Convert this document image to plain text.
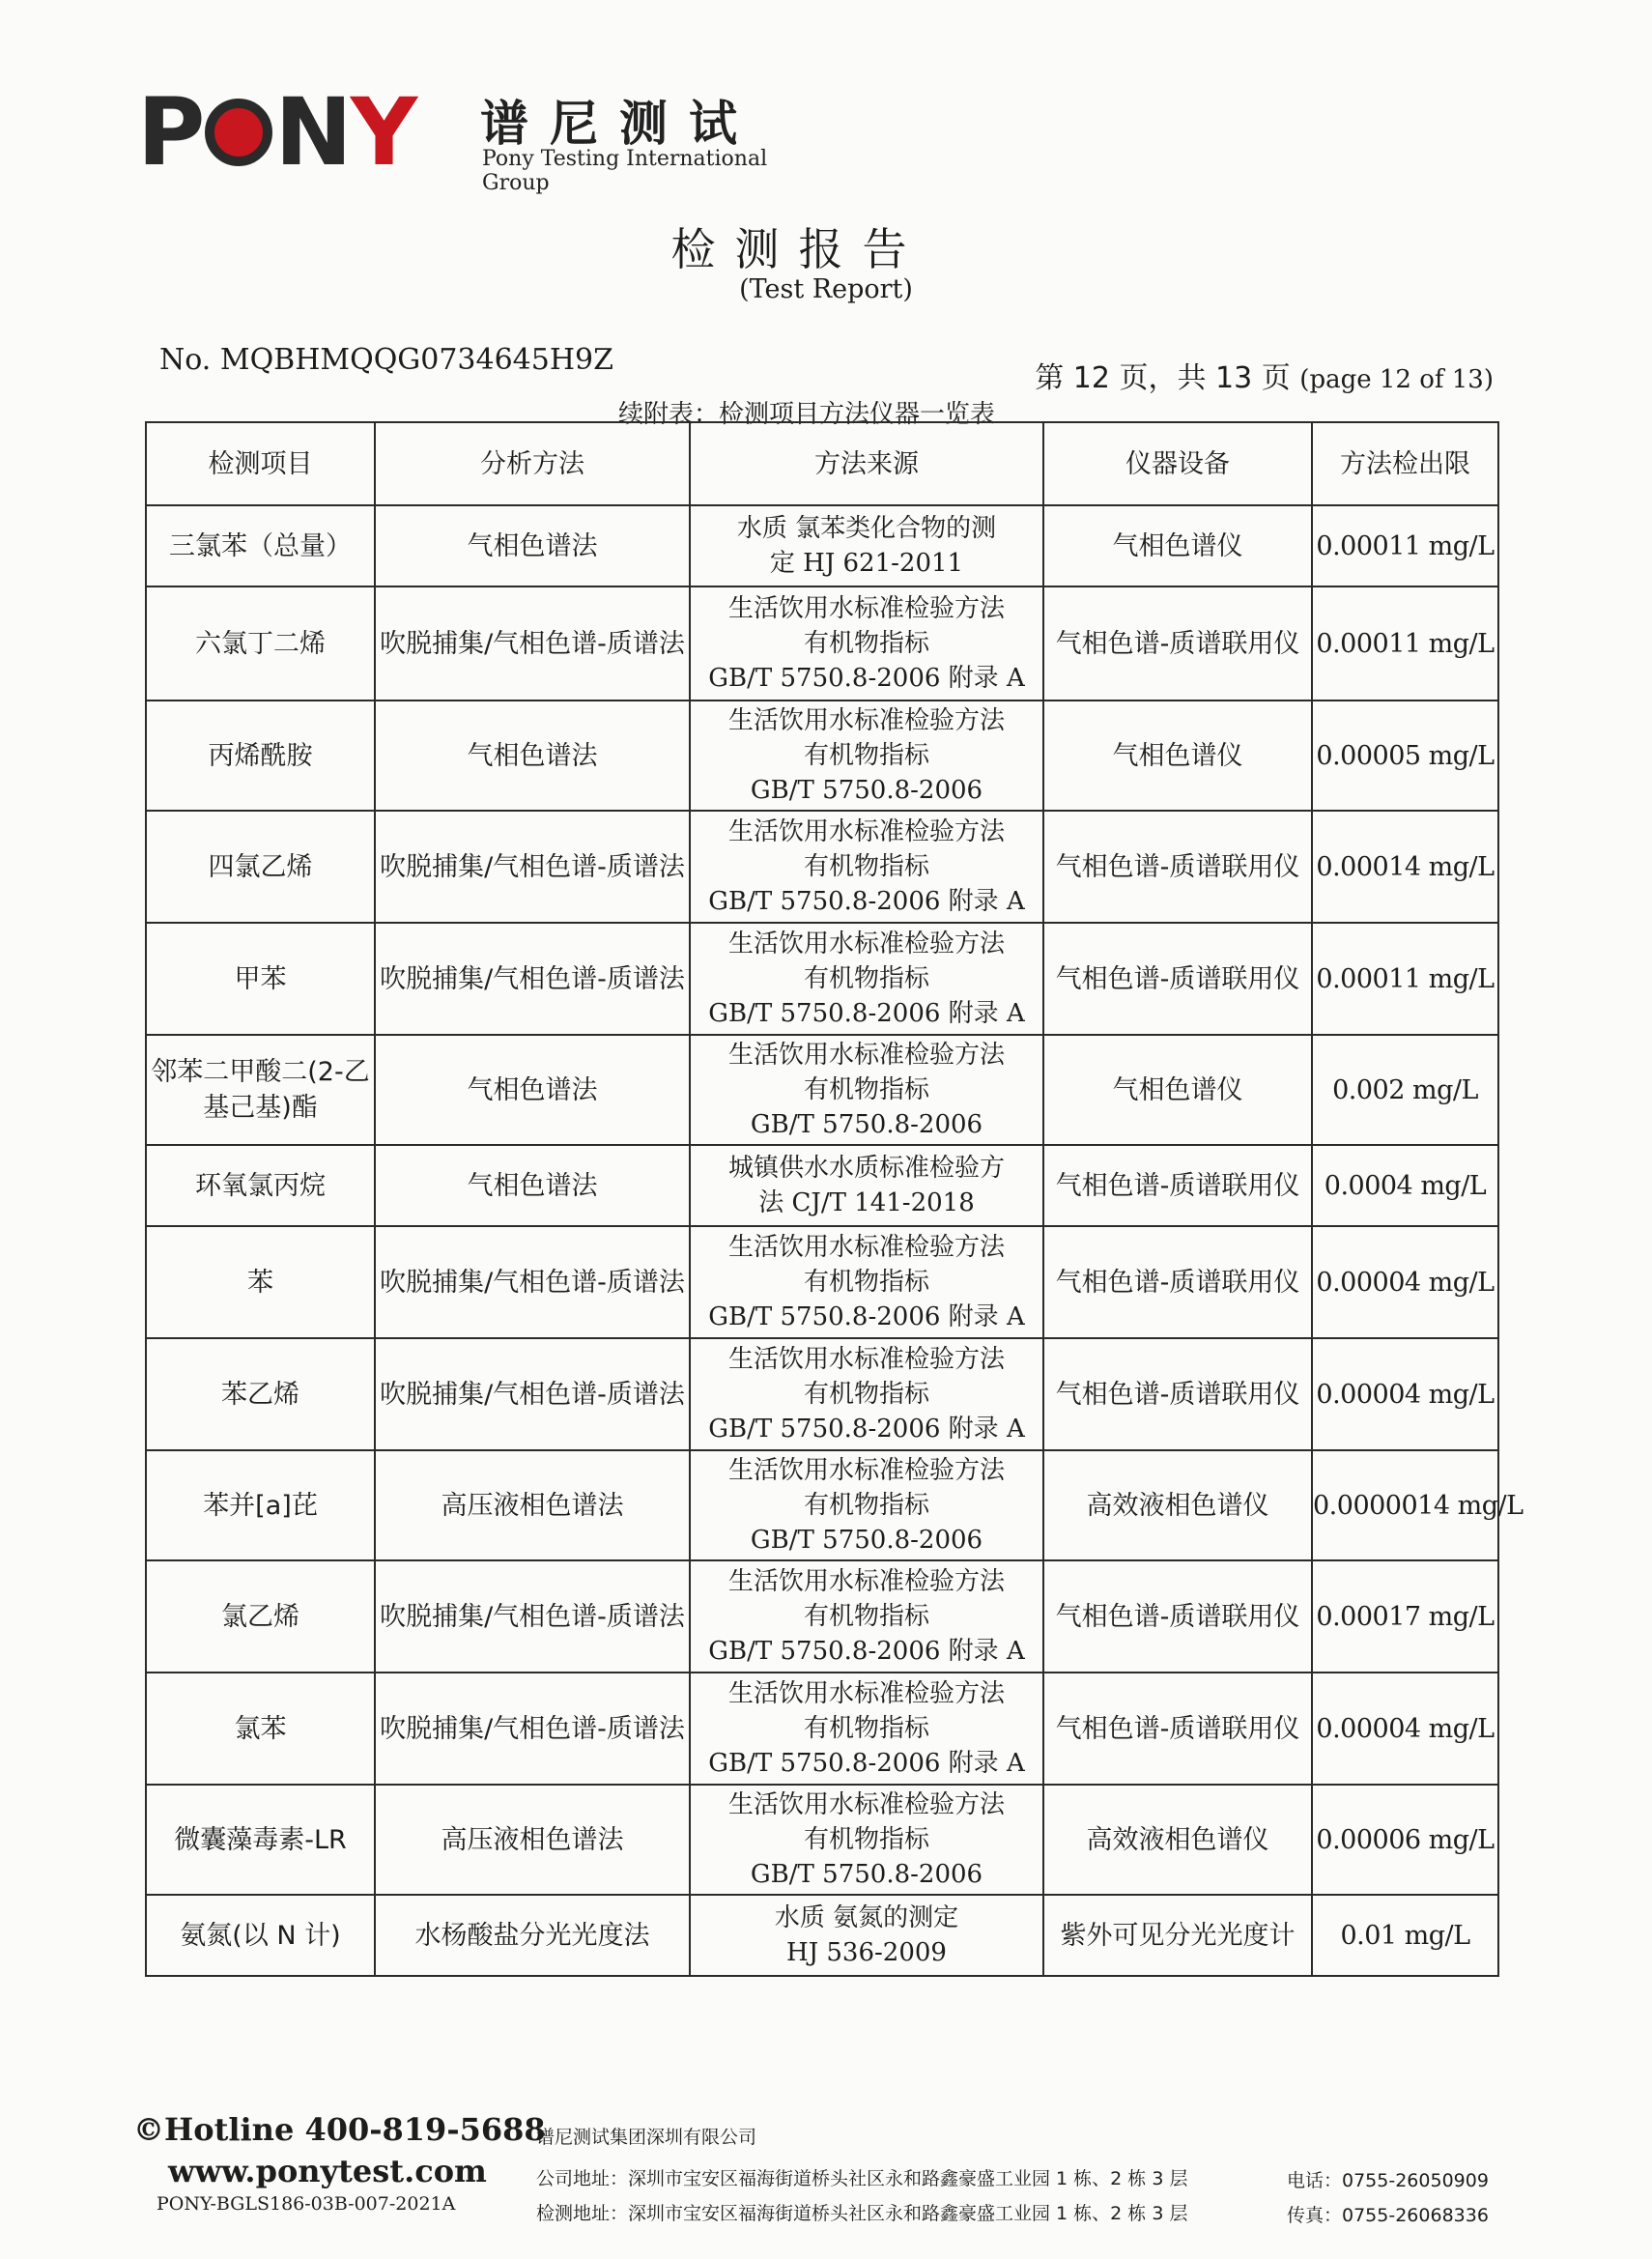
P N Y 谱尼测试
Pony Testing International Group
检测报告
(Test Report)
No. MQBHMQQG0734645H9Z
第 12 页，共 13 页 (page 12 of 13)
续附表：检测项目方法仪器一览表
检测项目	分析方法	方法来源	仪器设备	方法检出限
三氯苯（总量）	气相色谱法	水质 氯苯类化合物的测
定 HJ 621-2011	气相色谱仪	0.00011 mg/L
六氯丁二烯	吹脱捕集/气相色谱-质谱法	生活饮用水标准检验方法
有机物指标
GB/T 5750.8-2006 附录 A	气相色谱-质谱联用仪	0.00011 mg/L
丙烯酰胺	气相色谱法	生活饮用水标准检验方法
有机物指标
GB/T 5750.8-2006	气相色谱仪	0.00005 mg/L
四氯乙烯	吹脱捕集/气相色谱-质谱法	生活饮用水标准检验方法
有机物指标
GB/T 5750.8-2006 附录 A	气相色谱-质谱联用仪	0.00014 mg/L
甲苯	吹脱捕集/气相色谱-质谱法	生活饮用水标准检验方法
有机物指标
GB/T 5750.8-2006 附录 A	气相色谱-质谱联用仪	0.00011 mg/L
邻苯二甲酸二(2-乙基己基)酯	气相色谱法	生活饮用水标准检验方法
有机物指标
GB/T 5750.8-2006	气相色谱仪	0.002 mg/L
环氧氯丙烷	气相色谱法	城镇供水水质标准检验方
法 CJ/T 141-2018	气相色谱-质谱联用仪	0.0004 mg/L
苯	吹脱捕集/气相色谱-质谱法	生活饮用水标准检验方法
有机物指标
GB/T 5750.8-2006 附录 A	气相色谱-质谱联用仪	0.00004 mg/L
苯乙烯	吹脱捕集/气相色谱-质谱法	生活饮用水标准检验方法
有机物指标
GB/T 5750.8-2006 附录 A	气相色谱-质谱联用仪	0.00004 mg/L
苯并[a]芘	高压液相色谱法	生活饮用水标准检验方法
有机物指标
GB/T 5750.8-2006	高效液相色谱仪	0.0000014 mg/L
氯乙烯	吹脱捕集/气相色谱-质谱法	生活饮用水标准检验方法
有机物指标
GB/T 5750.8-2006 附录 A	气相色谱-质谱联用仪	0.00017 mg/L
氯苯	吹脱捕集/气相色谱-质谱法	生活饮用水标准检验方法
有机物指标
GB/T 5750.8-2006 附录 A	气相色谱-质谱联用仪	0.00004 mg/L
微囊藻毒素-LR	高压液相色谱法	生活饮用水标准检验方法
有机物指标
GB/T 5750.8-2006	高效液相色谱仪	0.00006 mg/L
氨氮(以 N 计)	水杨酸盐分光光度法	水质 氨氮的测定
HJ 536-2009	紫外可见分光光度计	0.01 mg/L
©Hotline 400-819-5688
www.ponytest.com
PONY-BGLS186-03B-007-2021A
谱尼测试集团深圳有限公司
公司地址：深圳市宝安区福海街道桥头社区永和路鑫豪盛工业园 1 栋、2 栋 3 层
检测地址：深圳市宝安区福海街道桥头社区永和路鑫豪盛工业园 1 栋、2 栋 3 层
电话：0755-26050909
传真：0755-26068336
